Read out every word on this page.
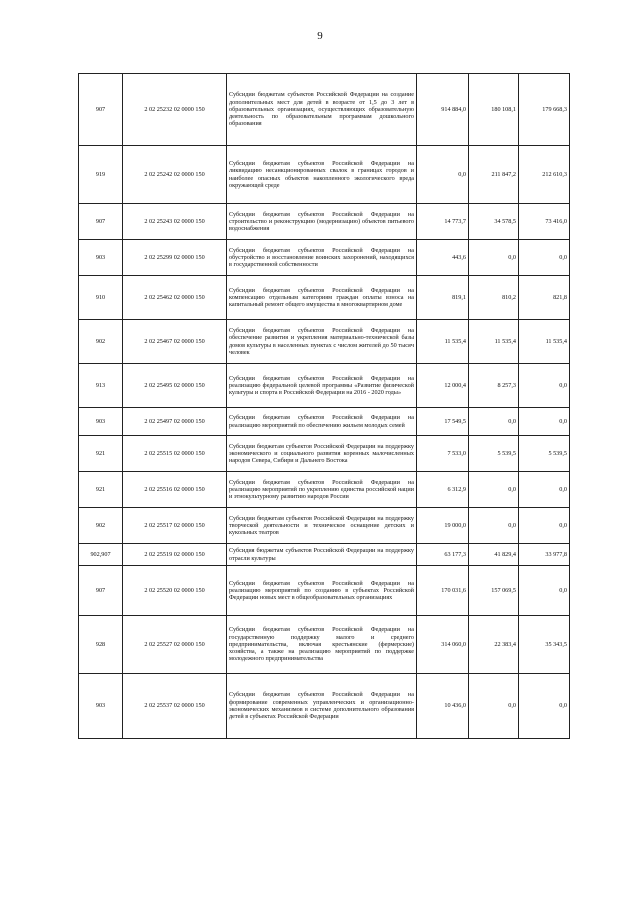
9
907	2 02 25232 02 0000 150	Субсидии бюджетам субъектов Российской Федерации на создание дополнительных мест для детей в возрасте от 1,5 до 3 лет в образовательных организациях, осуществляющих образовательную деятельность по образовательным программам дошкольного образования	914 884,0	180 108,1	179 668,3
919	2 02 25242 02 0000 150	Субсидии бюджетам субъектов Российской Федерации на ликвидацию несанкционированных свалок в границах городов и наиболее опасных объектов накопленного экологического вреда окружающей среде	0,0	211 847,2	212 610,3
907	2 02 25243 02 0000 150	Субсидии бюджетам субъектов Российской Федерации на строительство и реконструкцию (модернизацию) объектов питьевого водоснабжения	14 773,7	34 578,5	73 416,0
903	2 02 25299 02 0000 150	Субсидии бюджетам субъектов Российской Федерации на обустройство и восстановление воинских захоронений, находящихся в государственной собственности	443,6	0,0	0,0
910	2 02 25462 02 0000 150	Субсидии бюджетам субъектов Российской Федерации на компенсацию отдельным категориям граждан оплаты взноса на капитальный ремонт общего имущества в многоквартирном доме	819,1	810,2	821,8
902	2 02 25467 02 0000 150	Субсидии бюджетам субъектов Российской Федерации на обеспечение развития и укрепления материально-технической базы домов культуры в населенных пунктах с числом жителей до 50 тысяч человек	11 535,4	11 535,4	11 535,4
913	2 02 25495 02 0000 150	Субсидии бюджетам субъектов Российской Федерации на реализацию федеральной целевой программы «Развитие физической культуры и спорта в Российской Федерации на 2016 - 2020 годы»	12 000,4	8 257,3	0,0
903	2 02 25497 02 0000 150	Субсидии бюджетам субъектов Российской Федерации на реализацию мероприятий по обеспечению жильем молодых семей	17 549,5	0,0	0,0
921	2 02 25515 02 0000 150	Субсидии бюджетам субъектов Российской Федерации на поддержку экономического и социального развития коренных малочисленных народов Севера, Сибири и Дальнего Востока	7 533,0	5 539,5	5 539,5
921	2 02 25516 02 0000 150	Субсидии бюджетам субъектов Российской Федерации на реализацию мероприятий по укреплению единства российской нации и этнокультурному развитию народов России	6 312,9	0,0	0,0
902	2 02 25517 02 0000 150	Субсидии бюджетам субъектов Российской Федерации на поддержку творческой деятельности и техническое оснащение детских и кукольных театров	19 000,0	0,0	0,0
902,907	2 02 25519 02 0000 150	Субсидия бюджетам субъектов Российской Федерации на поддержку отрасли культуры	63 177,3	41 829,4	33 977,8
907	2 02 25520 02 0000 150	Субсидии бюджетам субъектов Российской Федерации на реализацию мероприятий по созданию в субъектах Российской Федерации новых мест в общеобразовательных организациях	170 031,6	157 069,5	0,0
928	2 02 25527 02 0000 150	Субсидии бюджетам субъектов Российской Федерации на государственную поддержку малого и среднего предпринимательства, включая крестьянские (фермерские) хозяйства, а также на реализацию мероприятий по поддержке молодежного предпринимательства	314 060,0	22 383,4	35 343,5
903	2 02 25537 02 0000 150	Субсидии бюджетам субъектов Российской Федерации на формирование современных управленческих и организационно-экономических механизмов в системе дополнительного образования детей в субъектах Российской Федерации	10 436,0	0,0	0,0
